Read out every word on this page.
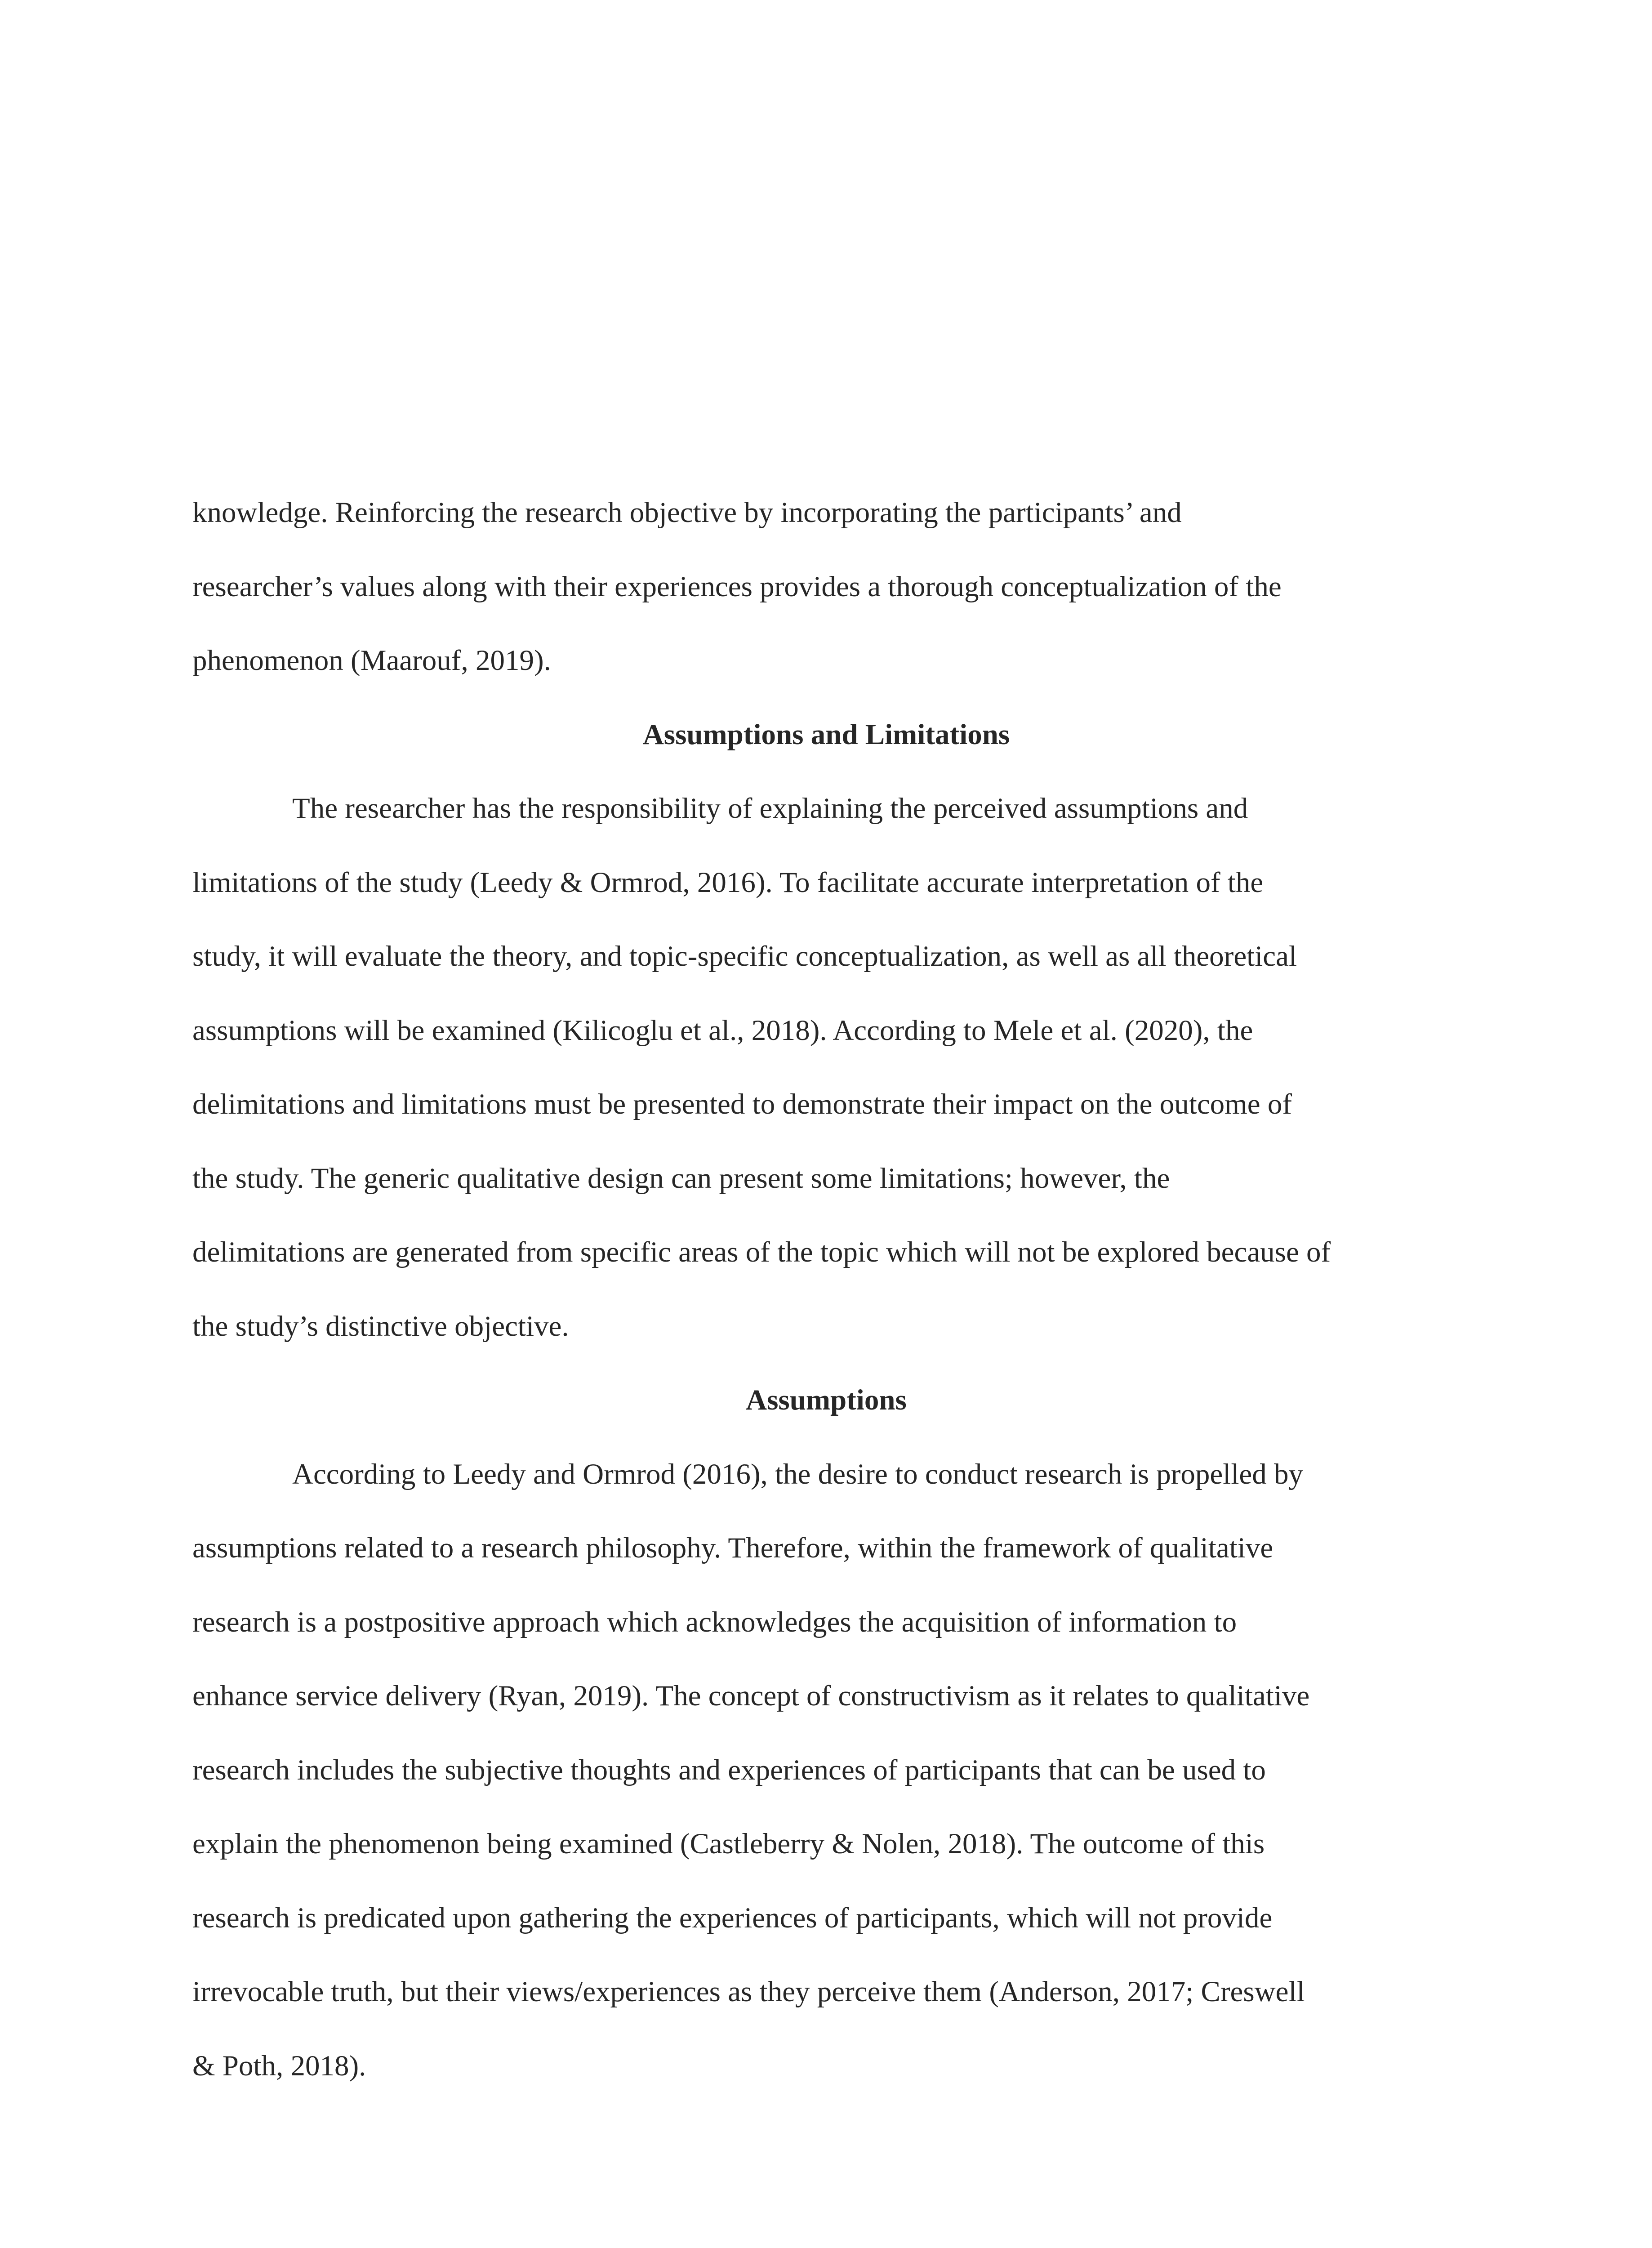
knowledge. Reinforcing the research objective by incorporating the participants’ and
researcher’s values along with their experiences provides a thorough conceptualization of the
phenomenon (Maarouf, 2019).

Assumptions and Limitations

The researcher has the responsibility of explaining the perceived assumptions and
limitations of the study (Leedy & Ormrod, 2016). To facilitate accurate interpretation of the
study, it will evaluate the theory, and topic-specific conceptualization, as well as all theoretical
assumptions will be examined (Kilicoglu et al., 2018). According to Mele et al. (2020), the
delimitations and limitations must be presented to demonstrate their impact on the outcome of
the study. The generic qualitative design can present some limitations; however, the
delimitations are generated from specific areas of the topic which will not be explored because of
the study’s distinctive objective.

Assumptions

According to Leedy and Ormrod (2016), the desire to conduct research is propelled by
assumptions related to a research philosophy. Therefore, within the framework of qualitative
research is a postpositive approach which acknowledges the acquisition of information to
enhance service delivery (Ryan, 2019). The concept of constructivism as it relates to qualitative
research includes the subjective thoughts and experiences of participants that can be used to
explain the phenomenon being examined (Castleberry & Nolen, 2018). The outcome of this
research is predicated upon gathering the experiences of participants, which will not provide
irrevocable truth, but their views/experiences as they perceive them (Anderson, 2017; Creswell
& Poth, 2018).
